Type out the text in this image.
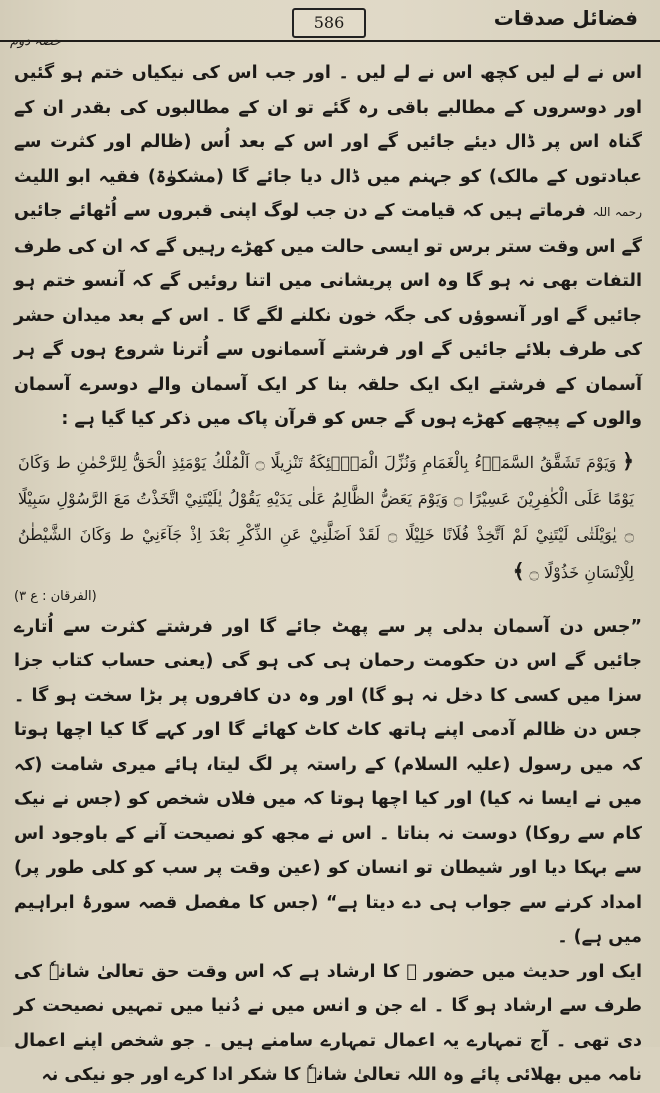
فضائل صدقات
586
حصہ دوم

اس نے لے لیں کچھ اس نے لے لیں ۔ اور جب اس کی نیکیاں ختم ہو گئیں اور دوسروں کے مطالبے باقی رہ گئے تو ان کے مطالبوں کی بقدر ان کے گناہ اس پر ڈال دیئے جائیں گے اور اس کے بعد اُس (ظالم اور کثرت سے عبادتوں کے مالک) کو جہنم میں ڈال دیا جائے گا (مشکوٰۃ) فقیہ ابو اللیث رحمہ اللہ فرماتے ہیں کہ قیامت کے دن جب لوگ اپنی قبروں سے اُٹھائے جائیں گے اس وقت ستر برس تو ایسی حالت میں کھڑے رہیں گے کہ ان کی طرف التفات بھی نہ ہو گا وہ اس پریشانی میں اتنا روئیں گے کہ آنسو ختم ہو جائیں گے اور آنسوؤں کی جگہ خون نکلنے لگے گا ۔ اس کے بعد میدان حشر کی طرف بلائے جائیں گے اور فرشتے آسمانوں سے اُترنا شروع ہوں گے ہر آسمان کے فرشتے ایک ایک حلقہ بنا کر ایک آسمان والے دوسرے آسمان والوں کے پیچھے کھڑے ہوں گے جس کو قرآن پاک میں ذکر کیا گیا ہے :

﴿ وَيَوْمَ تَشَقَّقُ السَّمَاۤءُ بِالْغَمَامِ وَنُزِّلَ الْمَلٰۤئِكَةُ تَنْزِيلًا ۝ اَلْمُلْكُ يَوْمَئِذِ الْحَقُّ لِلرَّحْمٰنِ ط وَكَانَ يَوْمًا عَلَى الْكٰفِرِيْنَ عَسِيْرًا ۝ وَيَوْمَ يَعَضُّ الظَّالِمُ عَلٰى يَدَيْهِ يَقُوْلُ يٰلَيْتَنِيْ اتَّخَذْتُ مَعَ الرَّسُوْلِ سَبِيْلًا ۝ يٰوَيْلَتٰى لَيْتَنِيْ لَمْ اَتَّخِذْ فُلَانًا خَلِيْلًا ۝ لَقَدْ اَضَلَّنِيْ عَنِ الذِّكْرِ بَعْدَ اِذْ جَآءَنِيْ ط وَكَانَ الشَّيْطٰنُ لِلْاِنْسَانِ خَذُوْلًا ۝ ﴾

(الفرقان : ع ۳)

”جس دن آسمان بدلی پر سے پھٹ جائے گا اور فرشتے کثرت سے اُتارے جائیں گے اس دن حکومت رحمان ہی کی ہو گی (یعنی حساب کتاب جزا سزا میں کسی کا دخل نہ ہو گا) اور وہ دن کافروں پر بڑا سخت ہو گا ۔ جس دن ظالم آدمی اپنے ہاتھ کاٹ کاٹ کھائے گا اور کہے گا کیا اچھا ہوتا کہ میں رسول (علیہ السلام) کے راستہ پر لگ لیتا، ہائے میری شامت (کہ میں نے ایسا نہ کیا) اور کیا اچھا ہوتا کہ میں فلاں شخص کو (جس نے نیک کام سے روکا) دوست نہ بناتا ۔ اس نے مجھ کو نصیحت آنے کے باوجود اس سے بہکا دیا اور شیطان تو انسان کو (عین وقت پر سب کو کلی طور پر) امداد کرنے سے جواب ہی دے دیتا ہے“ (جس کا مفصل قصہ سورۂ ابراہیم میں ہے) ۔

ایک اور حدیث میں حضور ﷺ کا ارشاد ہے کہ اس وقت حق تعالیٰ شانہٗ کی طرف سے ارشاد ہو گا ۔ اے جن و انس میں نے دُنیا میں تمہیں نصیحت کر دی تھی ۔ آج تمہارے یہ اعمال تمہارے سامنے ہیں ۔ جو شخص اپنے اعمال نامہ میں بھلائی پائے وہ اللہ تعالیٰ شانہٗ کا شکر ادا کرے اور جو نیکی نہ
